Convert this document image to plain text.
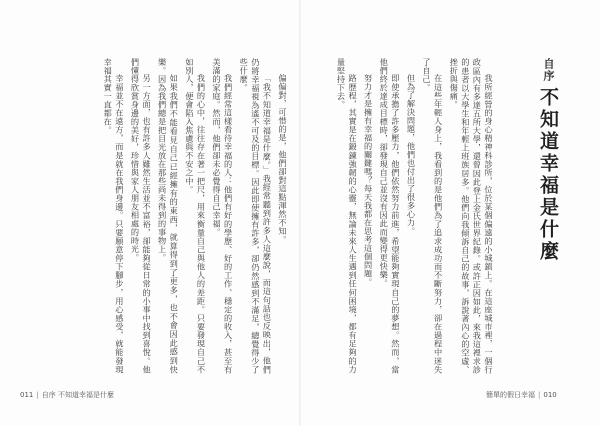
偏偏對，可惜的是，他們卻對這點渾然不知。

「我不知道幸福是什麼。」我經常聽到許多人這麼說，而這句話也反映出，他們仍將幸福視為遙不可及的目標。因此即使擁有許多，卻仍然感到不滿足，總覺得少了些什麼。

我們經常這樣看待幸福的人：他們有好的學歷、好的工作、穩定的收入，甚至有美滿的家庭。然而，他們卻未必覺得自己幸福。

我們的心中，往往存在著一把尺，用來衡量自己與他人的差距。只要發現自己不如別人，便會陷入焦慮與不安之中。

如果我們不能看見自己已經擁有的東西，就算得到了更多，也不會因此感到快樂。因為我們總是把目光放在那些尚未得到的事物上。

另一方面，也有許多人雖然生活並不富裕，卻能夠從日常的小事中找到喜悅。他們懂得欣賞身邊的美好，珍惜與家人朋友相處的時光。

幸福並不在遠方，而是就在我們身邊。只要願意停下腳步，用心感受，就能發現幸福其實一直都在。

011 | 自序 不知道幸福是什麼

我所經營的身心精神科診所，位於某個偏遠的小城鎮上。在這座城市裡，一個行政區內有多達五所大學，還曾因此登上金氏世界紀錄。或許正因如此，來我這裡求診的患者以大學生和年輕上班族居多。他們向我傾訴自己的故事，訴說著內心的空虛、挫折與傷痛。

在這些年輕人身上，我看到的是他們為了追求成功而不斷努力，卻在過程中迷失了自己。

但為了解決問題，他們也付出了很多心力。

即使承擔了許多壓力，他們依然努力前進，希望能夠實現自己的夢想。然而，當他們終於達成目標時，卻發現自己並沒有因此而變得更快樂。

努力才是擁有幸福的關鍵嗎？每天我都在思考這個問題。

路歷程，其實是在鍛鍊強韌的心靈，無論未來人生遇到任何困境，都有足夠的力量堅持下去。	自序 不知道幸福是什麼
簡單的假日幸福 | 010
